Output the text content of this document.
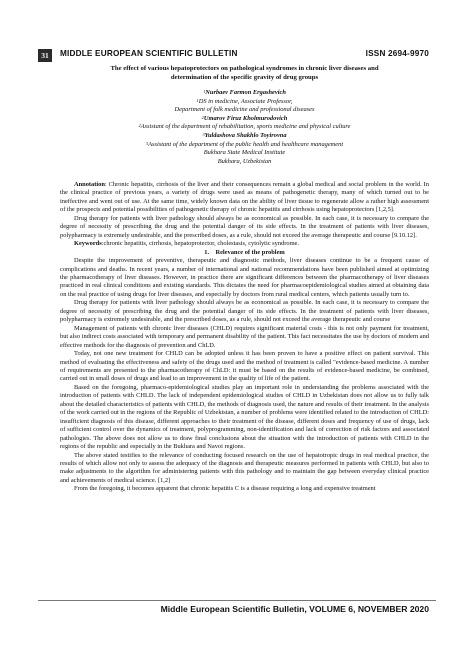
31	MIDDLE EUROPEAN SCIENTIFIC BULLETIN	ISSN 2694-9970
The effect of various hepatoprotectors on pathological syndromes in chronic liver diseases and
determination of the specific gravity of drug groups
$^1$Nurbaev Farmon Ergashevich
$^1$DS in medicine, Associate Professor,
Department of folk medicine and professional diseases
$^2$Umarov Firuz Kholmurodovich
$^2$Assistant of the department of rehabilitation, sports medicine and physical culture
$^3$Yuldashova Shakhlo Toyirovna
$^3$Assistant of the department of the public health and healthcare management
Bukhara State Medical Institute
Bukhara, Uzbekistan

Annotation: Chronic hepatitis, cirrhosis of the liver and their consequences remain a global medical and social problem in the world. In the clinical practice of previous years, a variety of drugs were used as means of pathogenetic therapy, many of which turned out to be ineffective and went out of use. At the same time, widely known data on the ability of liver tissue to regenerate allow a rather high assessment of the prospects and potential possibilities of pathogenetic therapy of chronic hepatitis and cirrhosis using hepatoprotectors [1,2,5].

Drug therapy for patients with liver pathology should always be as economical as possible. In each case, it is necessary to compare the degree of necessity of prescribing the drug and the potential danger of its side effects. In the treatment of patients with liver diseases, polypharmacy is extremely undesirable, and the prescribed doses, as a rule, should not exceed the average therapeutic and course [9.10.12].

Keywords:chronic hepatitis, cirrhosis, hepatoprotector, cholestasis, cytolytic syndrome.

1. Relevance of the problem

Despite the improvement of preventive, therapeutic and diagnostic methods, liver diseases continue to be a frequent cause of complications and deaths. In recent years, a number of international and national recommendations have been published aimed at optimizing the pharmacotherapy of liver diseases. However, in practice there are significant differences between the pharmacotherapy of liver diseases practiced in real clinical conditions and existing standards. This dictates the need for pharmacoepidemiological studies aimed at obtaining data on the real practice of using drugs for liver diseases, and especially by doctors from rural medical centers, which patients usually turn to.

Drug therapy for patients with liver pathology should always be as economical as possible. In each case, it is necessary to compare the degree of necessity of prescribing the drug and the potential danger of its side effects. In the treatment of patients with liver diseases, polypharmacy is extremely undesirable, and the prescribed doses, as a rule, should not exceed the average therapeutic and course

Management of patients with chronic liver diseases (CHLD) requires significant material costs - this is not only payment for treatment, but also indirect costs associated with temporary and permanent disability of the patient. This fact necessitates the use by doctors of modern and effective methods for the diagnosis of prevention and ChLD.

Today, not one new treatment for CHLD can be adopted unless it has been proven to have a positive effect on patient survival. This method of evaluating the effectiveness and safety of the drugs used and the method of treatment is called "evidence-based medicine. A number of requirements are presented to the pharmacotherapy of ChLD: it must be based on the results of evidence-based medicine, be combined, carried out in small doses of drugs and lead to an improvement in the quality of life of the patient.

Based on the foregoing, pharmaco-epidemiological studies play an important role in understanding the problems associated with the introduction of patients with CHLD. The lack of independent epidemiological studies of CHLD in Uzbekistan does not allow us to fully talk about the detailed characteristics of patients with CHLD, the methods of diagnosis used, the nature and results of their treatment. In the analysis of the work carried out in the regions of the Republic of Uzbekistan, a number of problems were identified related to the introduction of CHLD: insufficient diagnosis of this disease, different approaches to their treatment of the disease, different doses and frequency of use of drugs, lack of sufficient control over the dynamics of treatment, polyprogramming, non-identification and lack of correction of risk factors and associated pathologies. The above does not allow us to draw final conclusions about the situation with the introduction of patients with CHLD in the regions of the republic and especially in the Bukhara and Navoi regions.

The above stated testifies to the relevance of conducting focused research on the use of hepatotropic drugs in real medical practice, the results of which allow not only to assess the adequacy of the diagnosis and therapeutic measures performed in patients with CHLD, but also to make adjustments to the algorithm for administering patients with this pathology and to maintain the gap between everyday clinical practice and achievements of medical science. [1,2]

From the foregoing, it becomes apparent that chronic hepatitis C is a disease requiring a long and expensive treatment

Middle European Scientific Bulletin, VOLUME 6, NOVEMBER 2020
